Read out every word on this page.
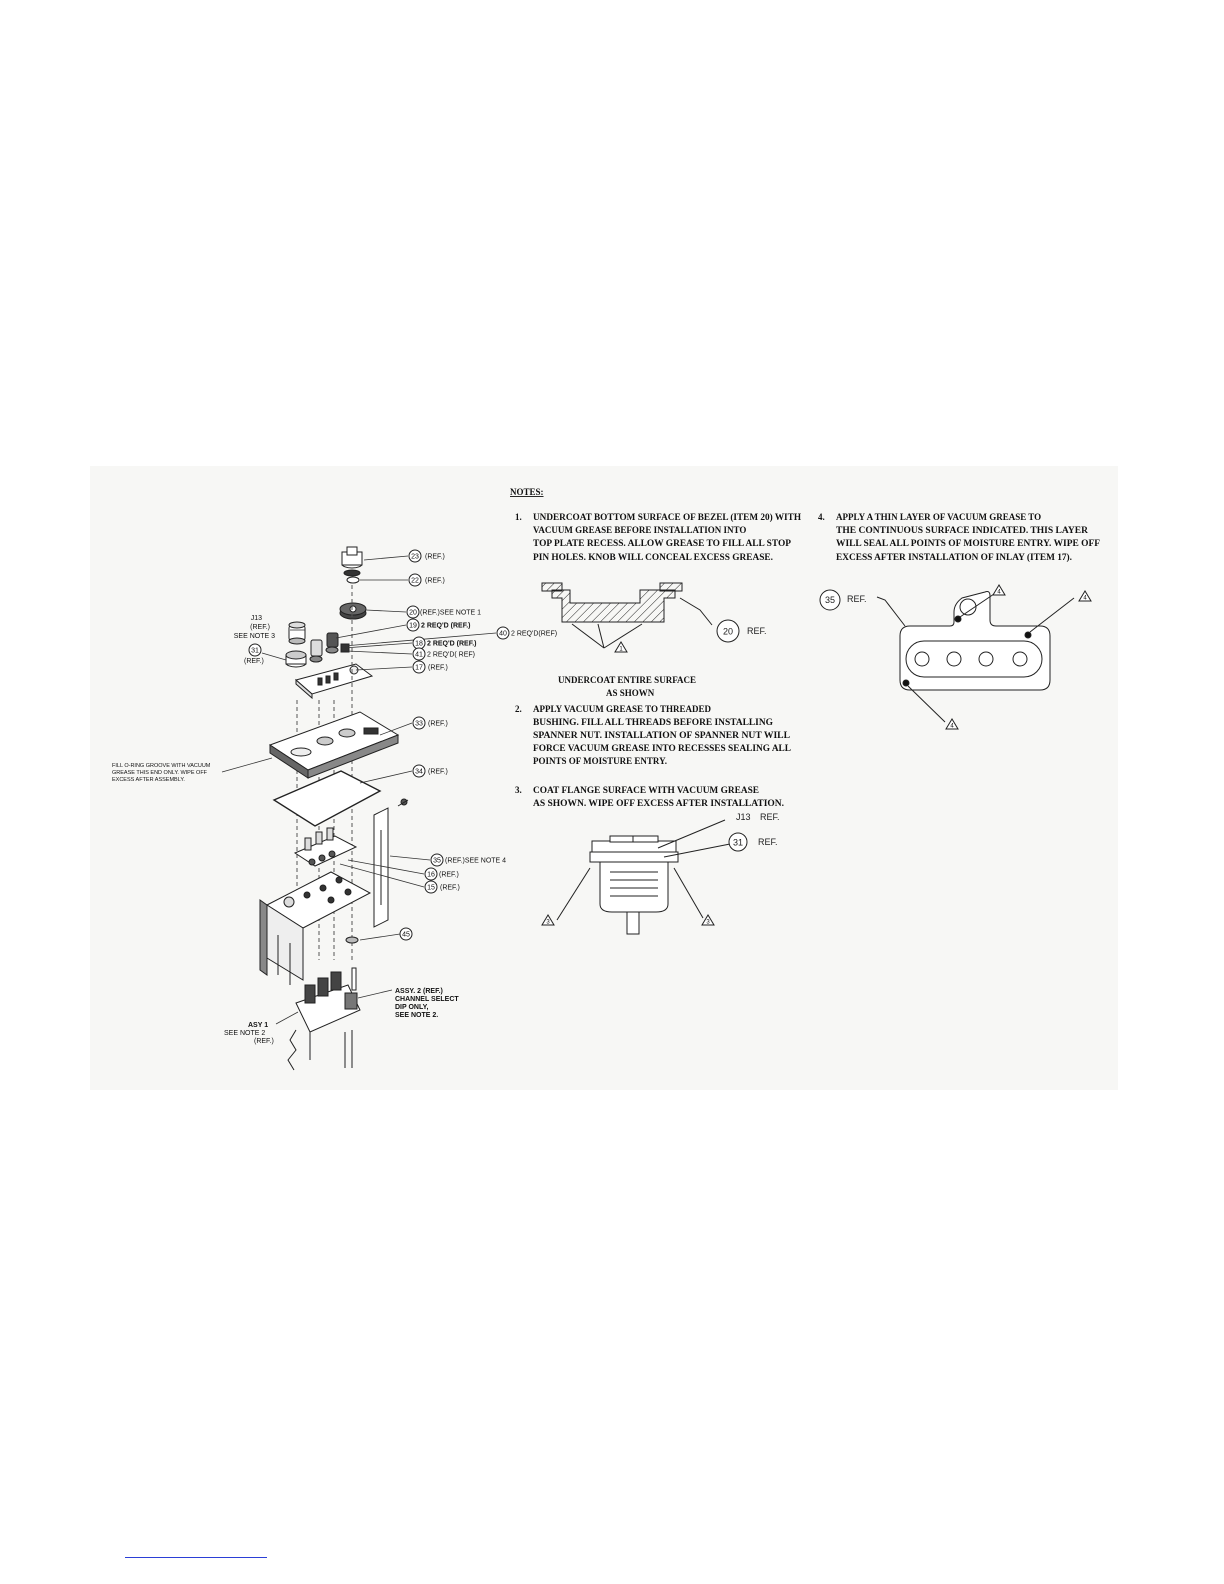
23 (REF.)
22 (REF.)
20 (REF.)SEE NOTE 1
19 2 REQ'D (REF.)
40 2 REQ'D(REF)
18 2 REQ'D (REF.)
41 2 REQ'D( REF)
17 (REF.)
33 (REF.)
34 (REF.)
35 (REF.)SEE NOTE 4
16 (REF.)
15 (REF.)
45
J13
(REF.)
SEE NOTE 3
31
(REF.)
FILL O-RING GROOVE WITH VACUUM
GREASE THIS END ONLY. WIPE OFF
EXCESS AFTER ASSEMBLY.
ASSY. 2 (REF.)
CHANNEL SELECT
DIP ONLY,
SEE NOTE 2.
ASY 1
SEE NOTE 2
(REF.)
NOTES:
1. UNDERCOAT BOTTOM SURFACE OF BEZEL (ITEM 20) WITH
VACUUM GREASE BEFORE INSTALLATION INTO
TOP PLATE RECESS. ALLOW GREASE TO FILL ALL STOP
PIN HOLES. KNOB WILL CONCEAL EXCESS GREASE.
UNDERCOAT ENTIRE SURFACE
AS SHOWN
2. APPLY VACUUM GREASE TO THREADED
BUSHING. FILL ALL THREADS BEFORE INSTALLING
SPANNER NUT. INSTALLATION OF SPANNER NUT WILL
FORCE VACUUM GREASE INTO RECESSES SEALING ALL
POINTS OF MOISTURE ENTRY.
3. COAT FLANGE SURFACE WITH VACUUM GREASE
AS SHOWN. WIPE OFF EXCESS AFTER INSTALLATION.
4. APPLY A THIN LAYER OF VACUUM GREASE TO
THE CONTINUOUS SURFACE INDICATED. THIS LAYER
WILL SEAL ALL POINTS OF MOISTURE ENTRY. WIPE OFF
EXCESS AFTER INSTALLATION OF INLAY (ITEM 17).
1
20 REF.
J13 REF.
31 REF.
3	3
35 REF.
4
4
4
